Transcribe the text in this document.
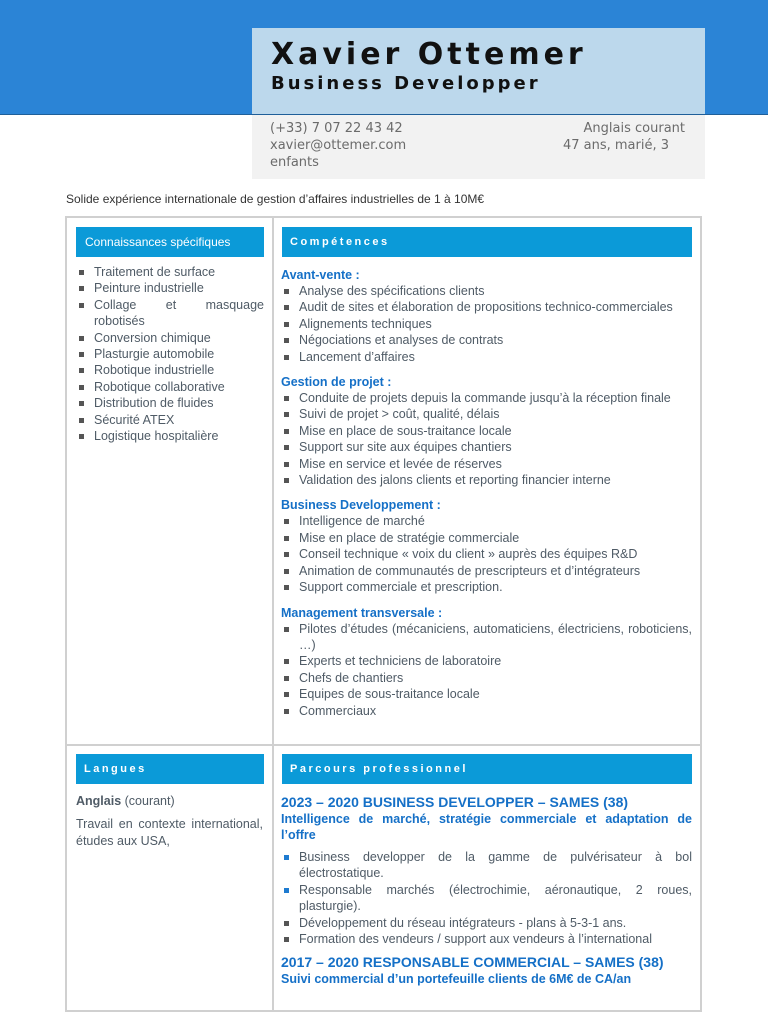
Xavier Ottemer
Business Developper
(+33) 7 07 22 43 42	Anglais courant
xavier@ottemer.com	47 ans, marié, 3
enfants
Solide expérience internationale de gestion d’affaires industrielles de 1 à 10M€
Connaissances spécifiques
Traitement de surface
Peinture industrielle
Collage et masquage robotisés
Conversion chimique
Plasturgie automobile
Robotique industrielle
Robotique collaborative
Distribution de fluides
Sécurité ATEX
Logistique hospitalière
Compétences
Avant-vente :
Analyse des spécifications clients
Audit de sites et élaboration de propositions technico-commerciales
Alignements techniques
Négociations et analyses de contrats
Lancement d’affaires
Gestion de projet :
Conduite de projets depuis la commande jusqu’à la réception finale
Suivi de projet > coût, qualité, délais
Mise en place de sous-traitance locale
Support sur site aux équipes chantiers
Mise en service et levée de réserves
Validation des jalons clients et reporting financier interne
Business Developpement :
Intelligence de marché
Mise en place de stratégie commerciale
Conseil technique « voix du client » auprès des équipes R&D
Animation de communautés de prescripteurs et d’intégrateurs
Support commerciale et prescription.
Management transversale :
Pilotes d’études (mécaniciens, automaticiens, électriciens, roboticiens, …)
Experts et techniciens de laboratoire
Chefs de chantiers
Equipes de sous-traitance locale
Commerciaux
Langues
Anglais (courant)
Travail en contexte international, études aux USA,
Parcours professionnel
2023 – 2020 BUSINESS DEVELOPPER – SAMES (38)
Intelligence de marché, stratégie commerciale et adaptation de l’offre
Business developper de la gamme de pulvérisateur à bol électrostatique.
Responsable marchés (électrochimie, aéronautique, 2 roues, plasturgie).
Développement du réseau intégrateurs - plans à 5-3-1 ans.
Formation des vendeurs / support aux vendeurs à l’international
2017 – 2020 RESPONSABLE COMMERCIAL – SAMES (38)
Suivi commercial d’un portefeuille clients de 6M€ de CA/an
